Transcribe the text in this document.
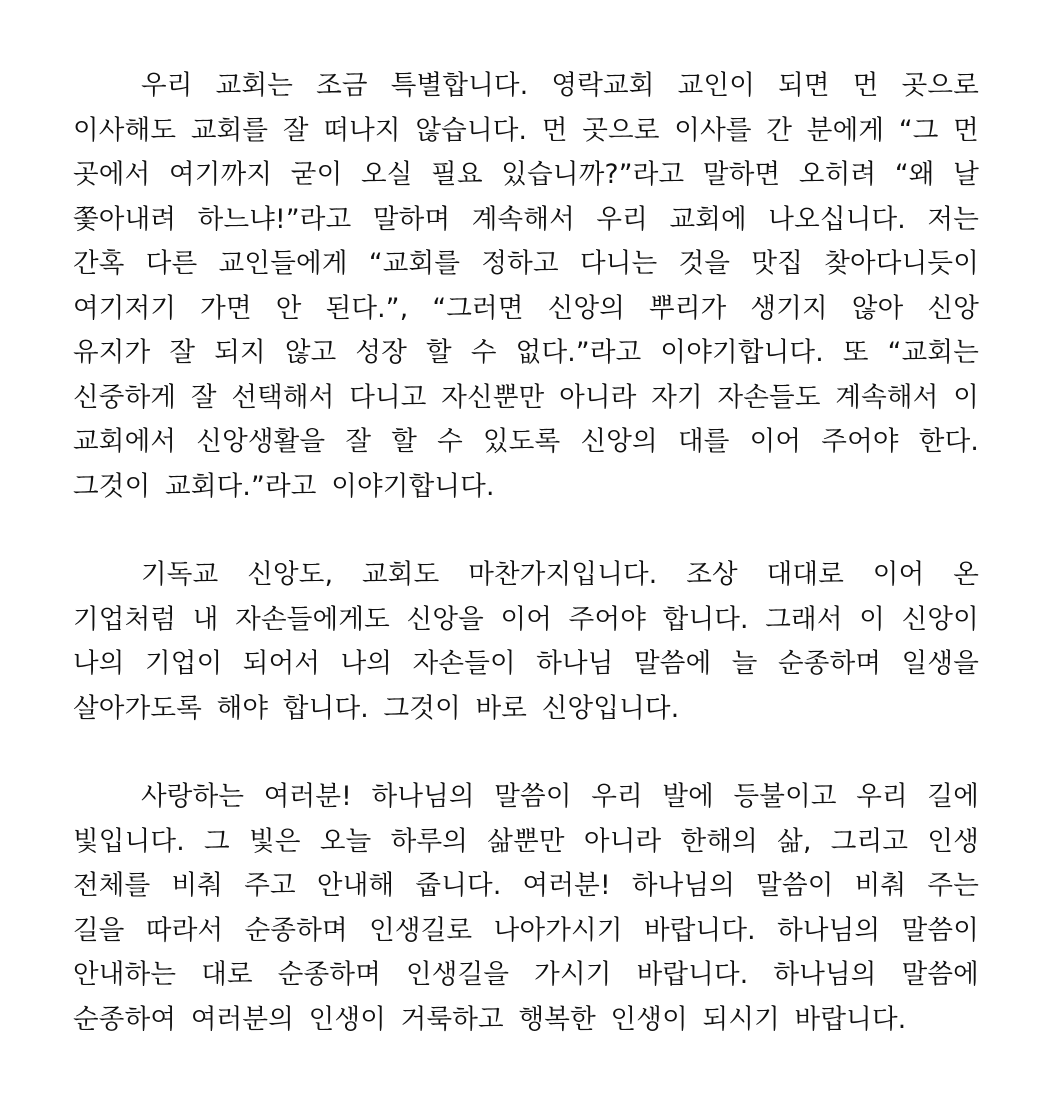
우리 교회는 조금 특별합니다. 영락교회 교인이 되면 먼 곳으로 이사해도 교회를 잘 떠나지 않습니다. 먼 곳으로 이사를 간 분에게 “그 먼 곳에서 여기까지 굳이 오실 필요 있습니까?”라고 말하면 오히려 “왜 날 쫓아내려 하느냐!”라고 말하며 계속해서 우리 교회에 나오십니다. 저는 간혹 다른 교인들에게 “교회를 정하고 다니는 것을 맛집 찾아다니듯이 여기저기 가면 안 된다.”, “그러면 신앙의 뿌리가 생기지 않아 신앙 유지가 잘 되지 않고 성장 할 수 없다.”라고 이야기합니다. 또 “교회는 신중하게 잘 선택해서 다니고 자신뿐만 아니라 자기 자손들도 계속해서 이 교회에서 신앙생활을 잘 할 수 있도록 신앙의 대를 이어 주어야 한다. 그것이 교회다.”라고 이야기합니다.

기독교 신앙도, 교회도 마찬가지입니다. 조상 대대로 이어 온 기업처럼 내 자손들에게도 신앙을 이어 주어야 합니다. 그래서 이 신앙이 나의 기업이 되어서 나의 자손들이 하나님 말씀에 늘 순종하며 일생을 살아가도록 해야 합니다. 그것이 바로 신앙입니다.

사랑하는 여러분! 하나님의 말씀이 우리 발에 등불이고 우리 길에 빛입니다. 그 빛은 오늘 하루의 삶뿐만 아니라 한해의 삶, 그리고 인생 전체를 비춰 주고 안내해 줍니다. 여러분! 하나님의 말씀이 비춰 주는 길을 따라서 순종하며 인생길로 나아가시기 바랍니다. 하나님의 말씀이 안내하는 대로 순종하며 인생길을 가시기 바랍니다. 하나님의 말씀에 순종하여 여러분의 인생이 거룩하고 행복한 인생이 되시기 바랍니다.
